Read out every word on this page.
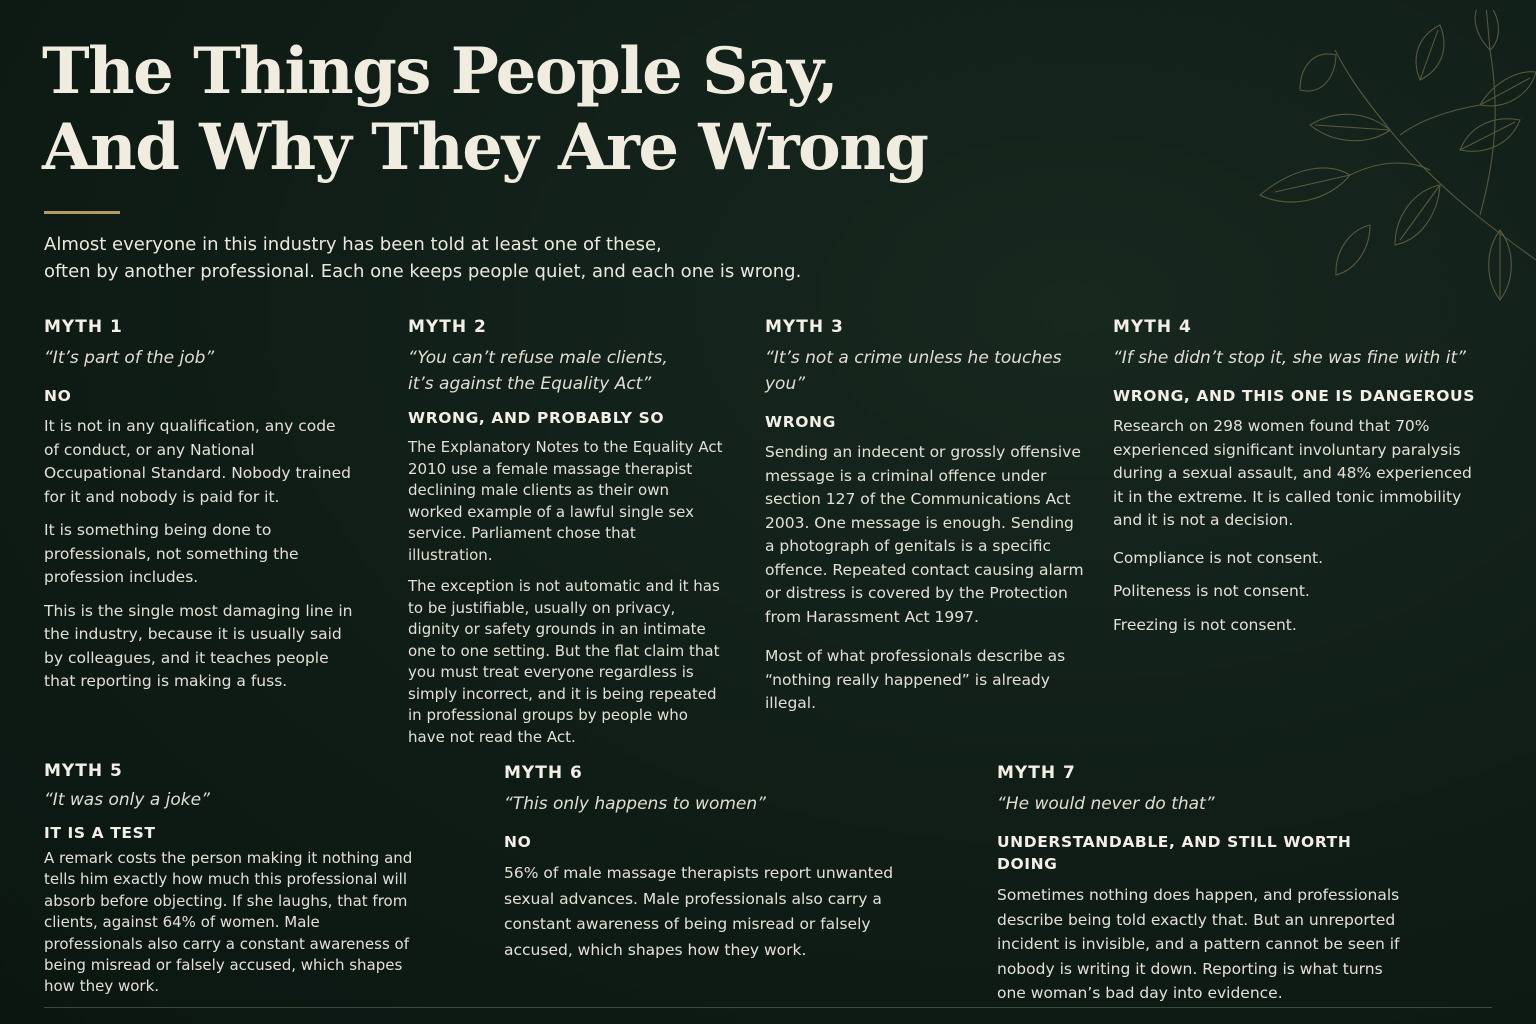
The Things People Say,
And Why They Are Wrong
Almost everyone in this industry has been told at least one of these,
often by another professional. Each one keeps people quiet, and each one is wrong.
MYTH 1
“It’s part of the job”
NO

It is not in any qualification, any code of conduct, or any National Occupational Standard. Nobody trained for it and nobody is paid for it.

It is something being done to professionals, not something the profession includes.

This is the single most damaging line in the industry, because it is usually said by colleagues, and it teaches people that reporting is making a fuss.

MYTH 2
“You can’t refuse male clients,
it’s against the Equality Act”
WRONG, AND PROBABLY SO

The Explanatory Notes to the Equality Act 2010 use a female massage therapist declining male clients as their own worked example of a lawful single sex service. Parliament chose that illustration.

The exception is not automatic and it has to be justifiable, usually on privacy, dignity or safety grounds in an intimate one to one setting. But the flat claim that you must treat everyone regardless is simply incorrect, and it is being repeated in professional groups by people who have not read the Act.

MYTH 3
“It’s not a crime unless he touches you”
WRONG

Sending an indecent or grossly offensive message is a criminal offence under section 127 of the Communications Act 2003. One message is enough. Sending a photograph of genitals is a specific offence. Repeated contact causing alarm or distress is covered by the Protection from Harassment Act 1997.

Most of what professionals describe as “nothing really happened” is already illegal.

MYTH 4
“If she didn’t stop it, she was fine with it”
WRONG, AND THIS ONE IS DANGEROUS

Research on 298 women found that 70% experienced significant involuntary paralysis during a sexual assault, and 48% experienced it in the extreme. It is called tonic immobility and it is not a decision.

Compliance is not consent.

Politeness is not consent.

Freezing is not consent.

MYTH 5
“It was only a joke”
IT IS A TEST

A remark costs the person making it nothing and tells him exactly how much this professional will absorb before objecting. If she laughs, that from clients, against 64% of women. Male professionals also carry a constant awareness of being misread or falsely accused, which shapes how they work.

MYTH 6
“This only happens to women”
NO

56% of male massage therapists report unwanted sexual advances. Male professionals also carry a constant awareness of being misread or falsely accused, which shapes how they work.

MYTH 7
“He would never do that”
UNDERSTANDABLE, AND STILL WORTH DOING

Sometimes nothing does happen, and professionals describe being told exactly that. But an unreported incident is invisible, and a pattern cannot be seen if nobody is writing it down. Reporting is what turns one woman’s bad day into evidence.
